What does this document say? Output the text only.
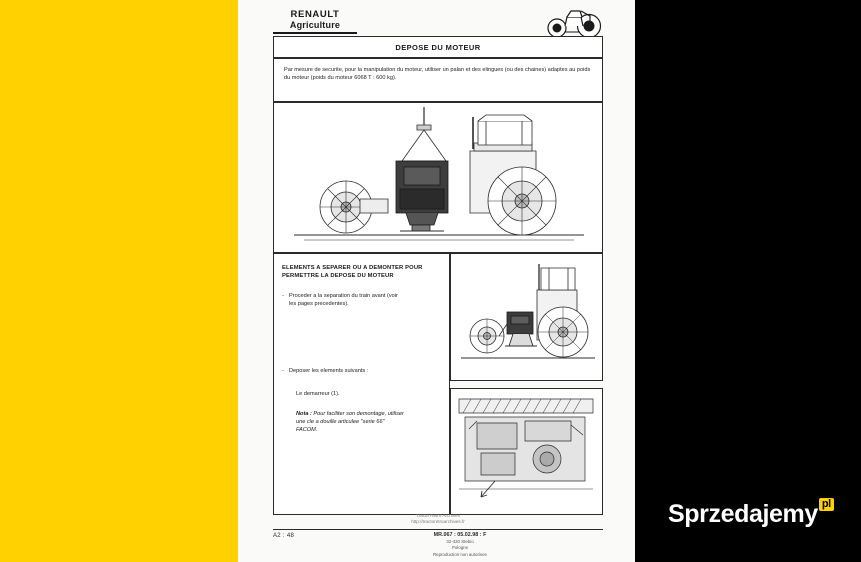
RENAULT
Agriculture
DEPOSE DU MOTEUR

Par mesure de securite, pour la manipulation du moteur, utiliser un palan et des elingues (ou des chaines) adaptes au poids du moteur (poids du moteur 6068 T : 600 kg).

ELEMENTS A SEPARER OU A DEMONTER POUR
PERMETTRE LA DEPOSE DU MOTEUR
- Proceder a la separation du train avant (voir
les pages precedentes).
- Deposer les elements suivants :
Le demarreur (1).
Nota : Pour faciliter son demontage, utiliser
une cle a douille articulee "serie 66"
FACOM.
Tracto Retro Archives
http://tractoretroarchives.fr
A2 : 48	MR.067 : 05.02.98 : F
32-420 Stebio
Pologne
Reproduction non autorisee
Sprzedajemy pl
